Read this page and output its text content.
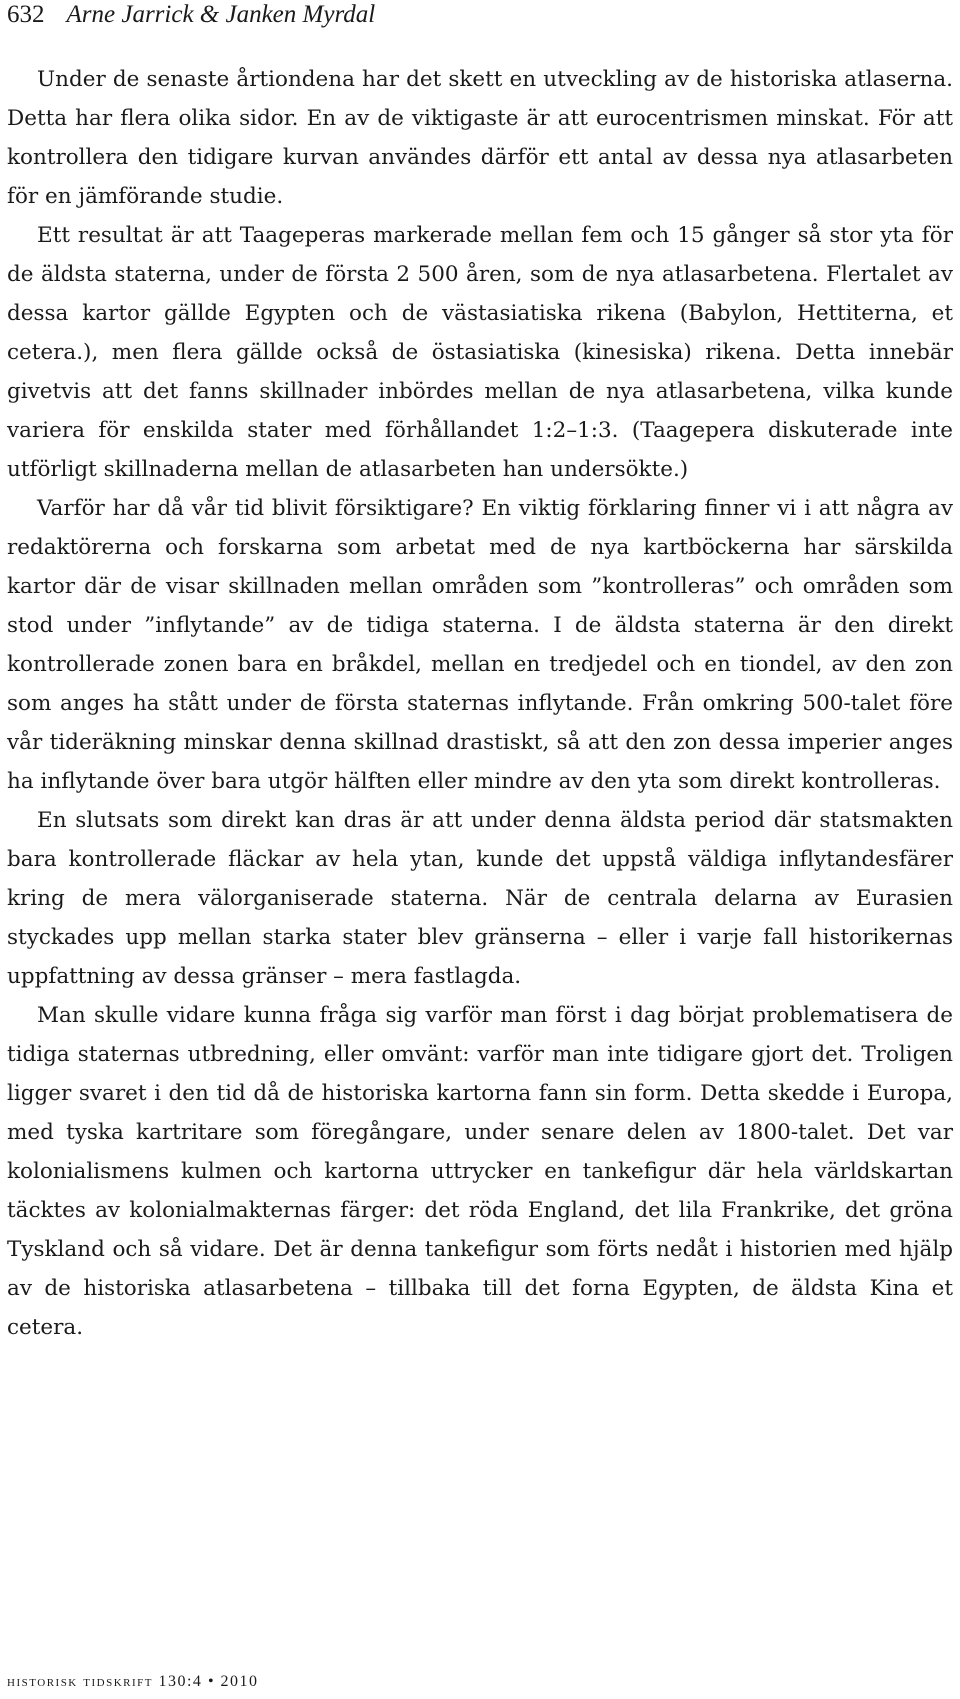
632 Arne Jarrick & Janken Myrdal

Under de senaste årtiondena har det skett en utveckling av de historiska atlaserna. Detta har flera olika sidor. En av de viktigaste är att eurocentrismen minskat. För att kontrollera den tidigare kurvan användes därför ett antal av dessa nya atlasarbeten för en jämförande studie.

Ett resultat är att Taageperas markerade mellan fem och 15 gånger så stor yta för de äldsta staterna, under de första 2 500 åren, som de nya atlasarbetena. Flertalet av dessa kartor gällde Egypten och de västasiatiska rikena (Babylon, Hettiterna, et cetera.), men flera gällde också de östasiatiska (kinesiska) rikena. Detta innebär givetvis att det fanns skillnader inbördes mellan de nya atlasarbetena, vilka kunde variera för enskilda stater med förhållandet 1:2–1:3. (Taagepera diskuterade inte utförligt skillnaderna mellan de atlasarbeten han undersökte.)

Varför har då vår tid blivit försiktigare? En viktig förklaring finner vi i att några av redaktörerna och forskarna som arbetat med de nya kartböckerna har särskilda kartor där de visar skillnaden mellan områden som ”kontrolleras” och områden som stod under ”inflytande” av de tidiga staterna. I de äldsta staterna är den direkt kontrollerade zonen bara en bråkdel, mellan en tredjedel och en tiondel, av den zon som anges ha stått under de första staternas inflytande. Från omkring 500-talet före vår tideräkning minskar denna skillnad drastiskt, så att den zon dessa imperier anges ha inflytande över bara utgör hälften eller mindre av den yta som direkt kontrolleras.

En slutsats som direkt kan dras är att under denna äldsta period där statsmakten bara kontrollerade fläckar av hela ytan, kunde det uppstå väldiga inflytandesfärer kring de mera välorganiserade staterna. När de centrala delarna av Eurasien styckades upp mellan starka stater blev gränserna – eller i varje fall historikernas uppfattning av dessa gränser – mera fastlagda.

Man skulle vidare kunna fråga sig varför man först i dag börjat problematisera de tidiga staternas utbredning, eller omvänt: varför man inte tidigare gjort det. Troligen ligger svaret i den tid då de historiska kartorna fann sin form. Detta skedde i Europa, med tyska kartritare som föregångare, under senare delen av 1800-talet. Det var kolonialismens kulmen och kartorna uttrycker en tankefigur där hela världskartan täcktes av kolonialmakternas färger: det röda England, det lila Frankrike, det gröna Tyskland och så vidare. Det är denna tankefigur som förts nedåt i historien med hjälp av de historiska atlasarbetena – tillbaka till det forna Egypten, de äldsta Kina et cetera.

historisk tidskrift 130:4 • 2010
